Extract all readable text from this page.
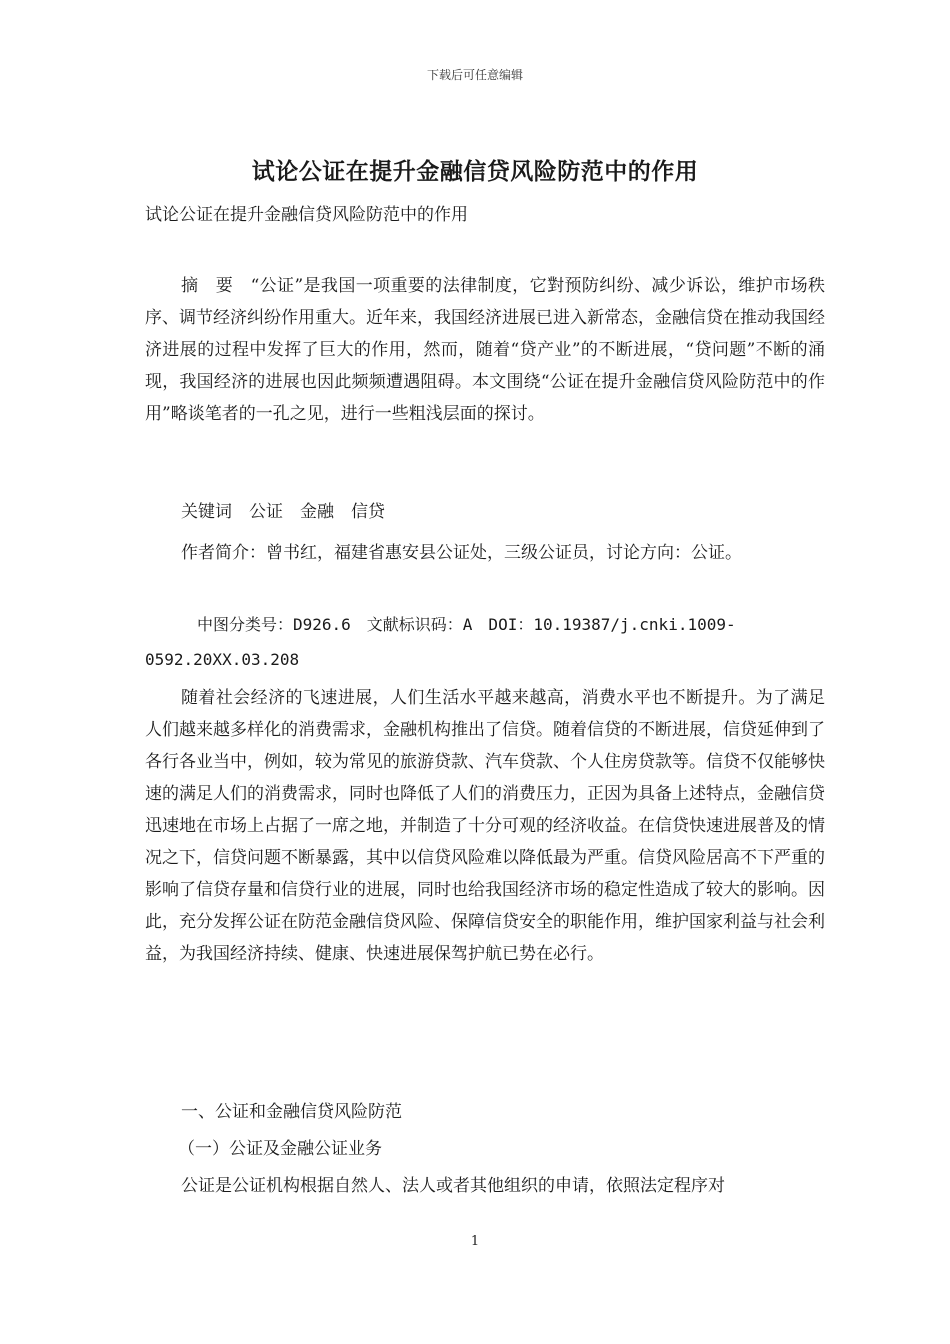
下载后可任意编辑
试论公证在提升金融信贷风险防范中的作用
试论公证在提升金融信贷风险防范中的作用

摘　要　“公证”是我国一项重要的法律制度，它對预防纠纷、减少诉讼，维护市场秩序、调节经济纠纷作用重大。近年来，我国经济进展已进入新常态，金融信贷在推动我国经济进展的过程中发挥了巨大的作用，然而，随着“贷产业”的不断进展，“贷问题”不断的涌现，我国经济的进展也因此频频遭遇阻碍。本文围绕“公证在提升金融信贷风险防范中的作用”略谈笔者的一孔之见，进行一些粗浅层面的探讨。

关键词　公证　金融　信贷
作者简介：曾书红，福建省惠安县公证处，三级公证员，讨论方向：公证。
中图分类号：D926.6　文献标识码：A　DOI：10.19387/j.cnki.1009-
0592.20XX.03.208

随着社会经济的飞速进展，人们生活水平越来越高，消费水平也不断提升。为了满足人们越来越多样化的消费需求，金融机构推出了信贷。随着信贷的不断进展，信贷延伸到了各行各业当中，例如，较为常见的旅游贷款、汽车贷款、个人住房贷款等。信贷不仅能够快速的满足人们的消费需求，同时也降低了人们的消费压力，正因为具备上述特点，金融信贷迅速地在市场上占据了一席之地，并制造了十分可观的经济收益。在信贷快速进展普及的情况之下，信贷问题不断暴露，其中以信贷风险难以降低最为严重。信贷风险居高不下严重的影响了信贷存量和信贷行业的进展，同时也给我国经济市场的稳定性造成了较大的影响。因此，充分发挥公证在防范金融信贷风险、保障信贷安全的职能作用，维护国家利益与社会利益，为我国经济持续、健康、快速进展保驾护航已势在必行。

一、公证和金融信贷风险防范
（一）公证及金融公证业务
公证是公证机构根据自然人、法人或者其他组织的申请，依照法定程序对
1
